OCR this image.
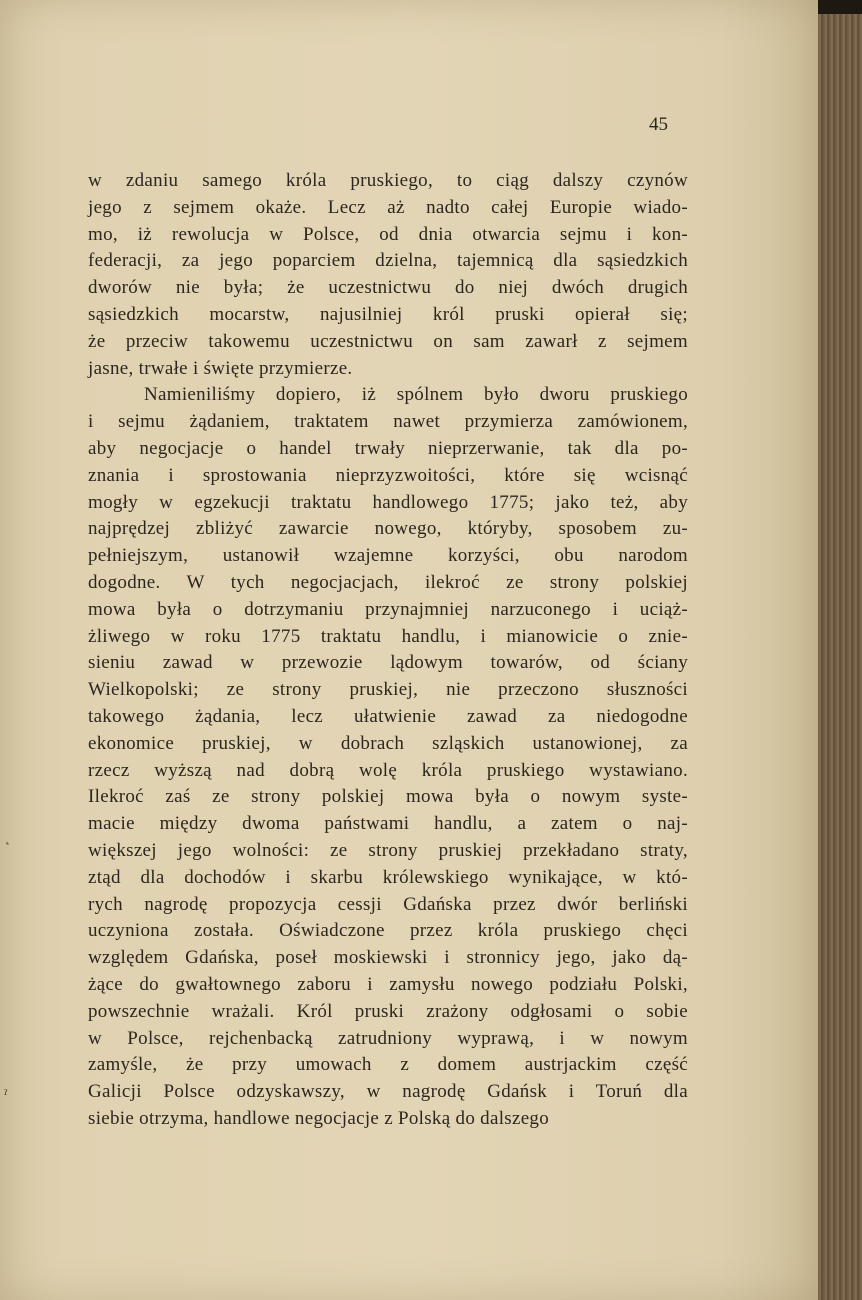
45
w zdaniu samego króla pruskiego, to ciąg dalszy czynów
jego z sejmem okaże. Lecz aż nadto całej Europie wiado-
mo, iż rewolucja w Polsce, od dnia otwarcia sejmu i kon-
federacji, za jego poparciem dzielna, tajemnicą dla sąsiedzkich
dworów nie była; że uczestnictwu do niej dwóch drugich
sąsiedzkich mocarstw, najusilniej król pruski opierał się;
że przeciw takowemu uczestnictwu on sam zawarł z sejmem
jasne, trwałe i święte przymierze.
Namieniliśmy dopiero, iż spólnem było dworu pruskiego
i sejmu żądaniem, traktatem nawet przymierza zamówionem,
aby negocjacje o handel trwały nieprzerwanie, tak dla po-
znania i sprostowania nieprzyzwoitości, które się wcisnąć
mogły w egzekucji traktatu handlowego 1775; jako też, aby
najprędzej zbliżyć zawarcie nowego, któryby, sposobem zu-
pełniejszym, ustanowił wzajemne korzyści, obu narodom
dogodne. W tych negocjacjach, ilekroć ze strony polskiej
mowa była o dotrzymaniu przynajmniej narzuconego i uciąż-
żliwego w roku 1775 traktatu handlu, i mianowicie o znie-
sieniu zawad w przewozie lądowym towarów, od ściany
Wielkopolski; ze strony pruskiej, nie przeczono słuszności
takowego żądania, lecz ułatwienie zawad za niedogodne
ekonomice pruskiej, w dobrach szląskich ustanowionej, za
rzecz wyższą nad dobrą wolę króla pruskiego wystawiano.
Ilekroć zaś ze strony polskiej mowa była o nowym syste-
macie między dwoma państwami handlu, a zatem o naj-
większej jego wolności: ze strony pruskiej przekładano straty,
ztąd dla dochodów i skarbu królewskiego wynikające, w któ-
rych nagrodę propozycja cessji Gdańska przez dwór berliński
uczyniona została. Oświadczone przez króla pruskiego chęci
względem Gdańska, poseł moskiewski i stronnicy jego, jako dą-
żące do gwałtownego zaboru i zamysłu nowego podziału Polski,
powszechnie wrażali. Król pruski zrażony odgłosami o sobie
w Polsce, rejchenbacką zatrudniony wyprawą, i w nowym
zamyśle, że przy umowach z domem austrjackim część
Galicji Polsce odzyskawszy, w nagrodę Gdańsk i Toruń dla
siebie otrzyma, handlowe negocjacje z Polską do dalszego
˛
ˀ
